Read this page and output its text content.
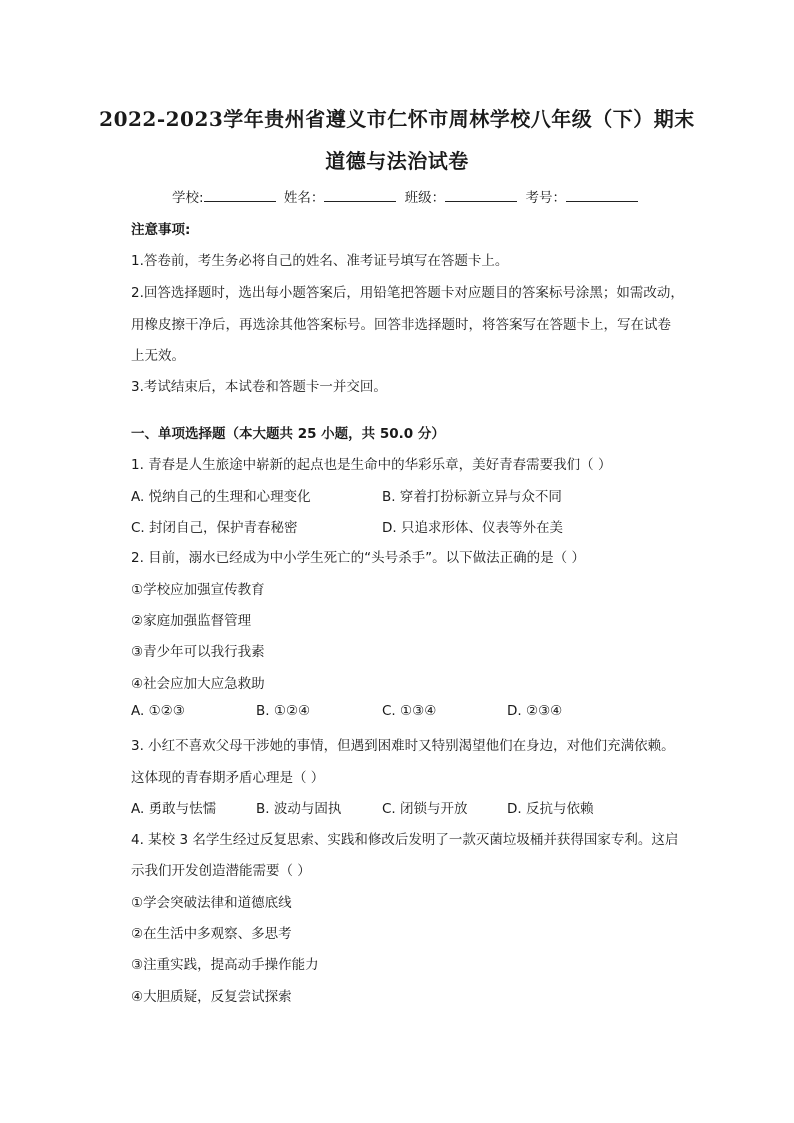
2022-2023学年贵州省遵义市仁怀市周林学校八年级（下）期末
道德与法治试卷
学校:	姓名：	班级：	考号：
注意事项:
1.答卷前，考生务必将自己的姓名、准考证号填写在答题卡上。
2.回答选择题时，选出每小题答案后，用铅笔把答题卡对应题目的答案标号涂黑；如需改动，
用橡皮擦干净后，再选涂其他答案标号。回答非选择题时，将答案写在答题卡上，写在试卷
上无效。
3.考试结束后，本试卷和答题卡一并交回。
一、单项选择题（本大题共 25 小题，共 50.0 分）
1. 青春是人生旅途中崭新的起点也是生命中的华彩乐章，美好青春需要我们（ ）
A. 悦纳自己的生理和心理变化	B. 穿着打扮标新立异与众不同
C. 封闭自己，保护青春秘密	D. 只追求形体、仪表等外在美
2. 目前，溺水已经成为中小学生死亡的“头号杀手”。以下做法正确的是（ ）
①学校应加强宣传教育
②家庭加强监督管理
③青少年可以我行我素
④社会应加大应急救助
A. ①②③	B. ①②④	C. ①③④	D. ②③④
3. 小红不喜欢父母干涉她的事情，但遇到困难时又特别渴望他们在身边，对他们充满依赖。
这体现的青春期矛盾心理是（ ）
A. 勇敢与怯懦	B. 波动与固执	C. 闭锁与开放	D. 反抗与依赖
4. 某校 3 名学生经过反复思索、实践和修改后发明了一款灭菌垃圾桶并获得国家专利。这启
示我们开发创造潜能需要（ ）
①学会突破法律和道德底线
②在生活中多观察、多思考
③注重实践，提高动手操作能力
④大胆质疑，反复尝试探索
